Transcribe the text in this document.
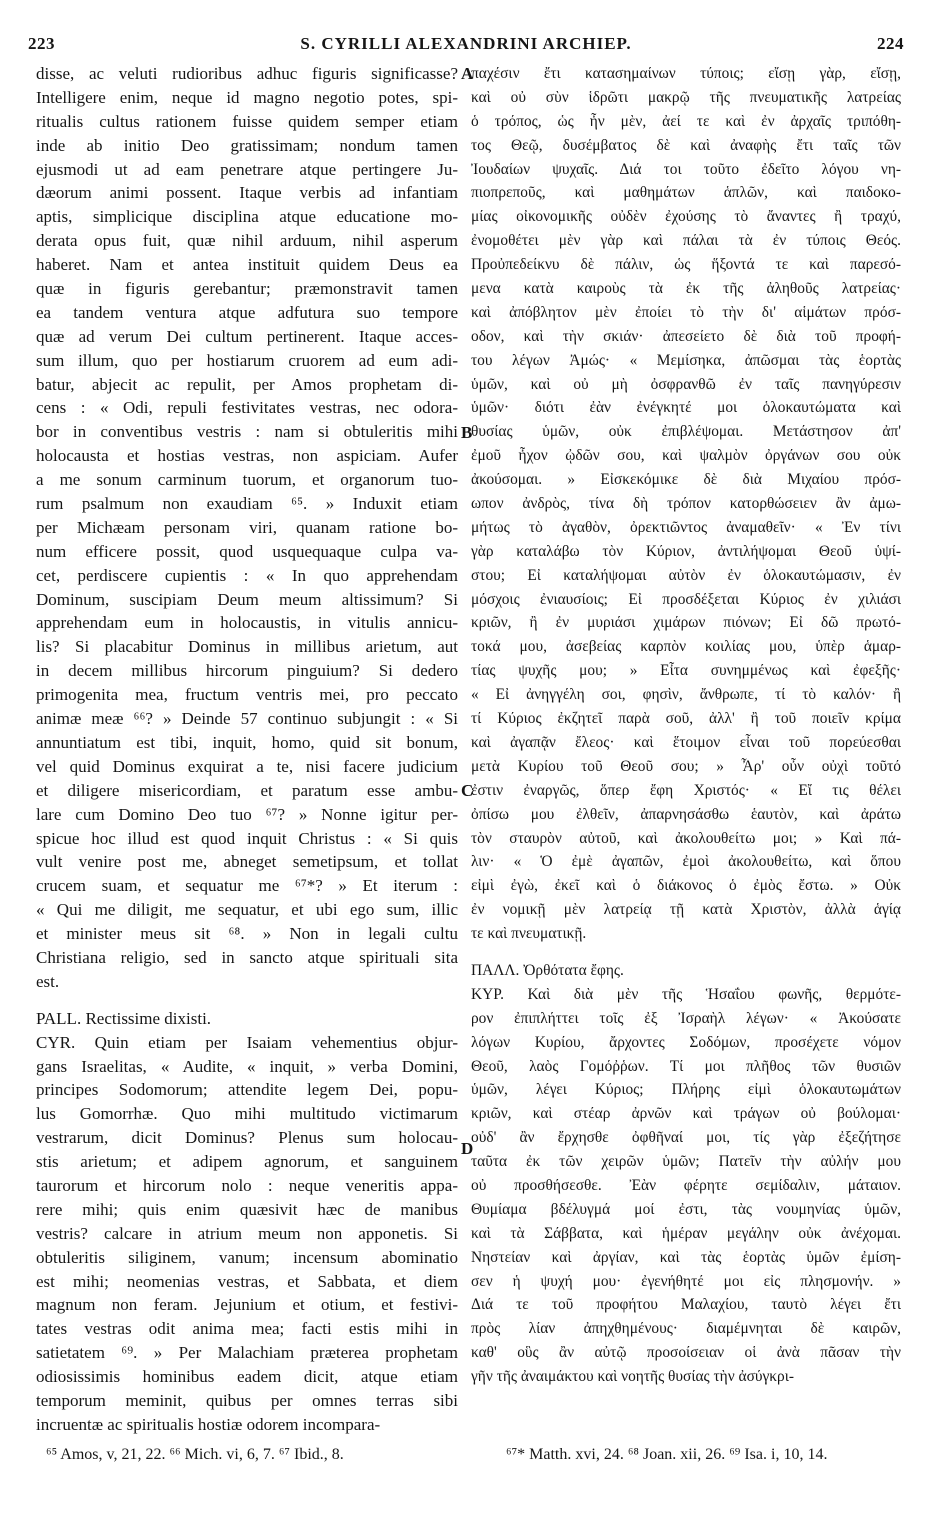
223	S. CYRILLI ALEXANDRINI ARCHIEP.	224
disse, ac veluti rudioribus adhuc figuris significasse?
Intelligere enim, neque id magno negotio potes, spi-
ritualis cultus rationem fuisse quidem semper etiam
inde ab initio Deo gratissimam; nondum tamen
ejusmodi ut ad eam penetrare atque pertingere Ju-
dæorum animi possent. Itaque verbis ad infantiam
aptis, simplicique disciplina atque educatione mo-
derata opus fuit, quæ nihil arduum, nihil asperum
haberet. Nam et antea instituit quidem Deus ea
quæ in figuris gerebantur; præmonstravit tamen
ea tandem ventura atque adfutura suo tempore
quæ ad verum Dei cultum pertinerent. Itaque acces-
sum illum, quo per hostiarum cruorem ad eum adi-
batur, abjecit ac repulit, per Amos prophetam di-
cens : « Odi, repuli festivitates vestras, nec odora-
bor in conventibus vestris : nam si obtuleritis mihi
holocausta et hostias vestras, non aspiciam. Aufer
a me sonum carminum tuorum, et organorum tuo-
rum psalmum non exaudiam ⁶⁵. » Induxit etiam
per Michæam personam viri, quanam ratione bo-
num efficere possit, quod usquequaque culpa va-
cet, perdiscere cupientis : « In quo apprehendam
Dominum, suscipiam Deum meum altissimum? Si
apprehendam eum in holocaustis, in vitulis annicu-
lis? Si placabitur Dominus in millibus arietum, aut
in decem millibus hircorum pinguium? Si dedero
primogenita mea, fructum ventris mei, pro peccato
animæ meæ ⁶⁶? » Deinde 57 continuo subjungit : « Si
annuntiatum est tibi, inquit, homo, quid sit bonum,
vel quid Dominus exquirat a te, nisi facere judicium
et diligere misericordiam, et paratum esse ambu-
lare cum Domino Deo tuo ⁶⁷? » Nonne igitur per-
spicue hoc illud est quod inquit Christus : « Si quis
vult venire post me, abneget semetipsum, et tollat
crucem suam, et sequatur me ⁶⁷*? » Et iterum :
« Qui me diligit, me sequatur, et ubi ego sum, illic
et minister meus sit ⁶⁸. » Non in legali cultu
Christiana religio, sed in sancto atque spirituali sita
est.
PALL. Rectissime dixisti.
CYR. Quin etiam per Isaiam vehementius objur-
gans Israelitas, « Audite, « inquit, » verba Domini,
principes Sodomorum; attendite legem Dei, popu-
lus Gomorrhæ. Quo mihi multitudo victimarum
vestrarum, dicit Dominus? Plenus sum holocau-
stis arietum; et adipem agnorum, et sanguinem
taurorum et hircorum nolo : neque veneritis appa-
rere mihi; quis enim quæsivit hæc de manibus
vestris? calcare in atrium meum non apponetis. Si
obtuleritis siliginem, vanum; incensum abominatio
est mihi; neomenias vestras, et Sabbata, et diem
magnum non feram. Jejunium et otium, et festivi-
tates vestras odit anima mea; facti estis mihi in
satietatem ⁶⁹. » Per Malachiam præterea prophetam
odiosissimis hominibus eadem dicit, atque etiam
temporum meminit, quibus per omnes terras sibi
incruentæ ac spiritualis hostiæ odorem incompara-
παχέσιν ἔτι κατασημαίνων τύποις; εἴσῃ γὰρ, εἴσῃ,
καὶ οὐ σὺν ἱδρῶτι μακρῷ τῆς πνευματικῆς λατρείας
ὁ τρόπος, ὡς ἦν μὲν, ἀεί τε καὶ ἐν ἀρχαῖς τριπόθη-
τος Θεῷ, δυσέμβατος δὲ καὶ ἀναφὴς ἔτι ταῖς τῶν
Ἰουδαίων ψυχαῖς. Διά τοι τοῦτο ἐδεῖτο λόγου νη-
πιοπρεποῦς, καὶ μαθημάτων ἁπλῶν, καὶ παιδοκο-
μίας οἰκονομικῆς οὐδὲν ἐχούσης τὸ ἄναντες ἢ τραχύ,
ἐνομοθέτει μὲν γὰρ καὶ πάλαι τὰ ἐν τύποις Θεός.
Προὐπεδείκνυ δὲ πάλιν, ὡς ἥξοντά τε καὶ παρεσό-
μενα κατὰ καιροὺς τὰ ἐκ τῆς ἀληθοῦς λατρείας·
καὶ ἀπόβλητον μὲν ἐποίει τὸ τὴν δι' αἱμάτων πρόσ-
οδον, καὶ τὴν σκιάν· ἀπεσείετο δὲ διὰ τοῦ προφή-
του λέγων Ἀμώς· « Μεμίσηκα, ἀπῶσμαι τὰς ἑορτὰς
ὑμῶν, καὶ οὐ μὴ ὀσφρανθῶ ἐν ταῖς πανηγύρεσιν
ὑμῶν· διότι ἐὰν ἐνέγκητέ μοι ὁλοκαυτώματα καὶ
θυσίας ὑμῶν, οὐκ ἐπιβλέψομαι. Μετάστησον ἀπ'
ἐμοῦ ἦχον ᾠδῶν σου, καὶ ψαλμὸν ὀργάνων σου οὐκ
ἀκούσομαι. » Εἰσκεκόμικε δὲ διὰ Μιχαίου πρόσ-
ωπον ἀνδρὸς, τίνα δὴ τρόπον κατορθώσειεν ἂν ἀμω-
μήτως τὸ ἀγαθὸν, ὀρεκτιῶντος ἀναμαθεῖν· « Ἐν τίνι
γὰρ καταλάβω τὸν Κύριον, ἀντιλήψομαι Θεοῦ ὑψί-
στου; Εἰ καταλήψομαι αὐτὸν ἐν ὁλοκαυτώμασιν, ἐν
μόσχοις ἐνιαυσίοις; Εἰ προσδέξεται Κύριος ἐν χιλιάσι
κριῶν, ἢ ἐν μυριάσι χιμάρων πιόνων; Εἰ δῶ πρωτό-
τοκά μου, ἀσεβείας καρπὸν κοιλίας μου, ὑπὲρ ἁμαρ-
τίας ψυχῆς μου; » Εἶτα συνημμένως καὶ ἐφεξῆς·
« Εἰ ἀνηγγέλη σοι, φησὶν, ἄνθρωπε, τί τὸ καλόν· ἢ
τί Κύριος ἐκζητεῖ παρὰ σοῦ, ἀλλ' ἢ τοῦ ποιεῖν κρίμα
καὶ ἀγαπᾷν ἔλεος· καὶ ἕτοιμον εἶναι τοῦ πορεύεσθαι
μετὰ Κυρίου τοῦ Θεοῦ σου; » Ἆρ' οὖν οὐχὶ τοῦτό
ἐστιν ἐναργῶς, ὅπερ ἔφη Χριστός· « Εἴ τις θέλει
ὀπίσω μου ἐλθεῖν, ἀπαρνησάσθω ἑαυτὸν, καὶ ἀράτω
τὸν σταυρὸν αὐτοῦ, καὶ ἀκολουθείτω μοι; » Καὶ πά-
λιν· « Ὁ ἐμὲ ἀγαπῶν, ἐμοὶ ἀκολουθείτω, καὶ ὅπου
εἰμὶ ἐγὼ, ἐκεῖ καὶ ὁ διάκονος ὁ ἐμὸς ἔστω. » Οὐκ
ἐν νομικῇ μὲν λατρείᾳ τῇ κατὰ Χριστὸν, ἀλλὰ ἁγίᾳ
τε καὶ πνευματικῇ.
ΠΑΛΛ. Ὀρθότατα ἔφης.
ΚΥΡ. Καὶ διὰ μὲν τῆς Ἡσαΐου φωνῆς, θερμότε-
ρον ἐπιπλήττει τοῖς ἐξ Ἰσραὴλ λέγων· « Ἀκούσατε
λόγων Κυρίου, ἄρχοντες Σοδόμων, προσέχετε νόμον
Θεοῦ, λαὸς Γομόῤῥων. Τί μοι πλῆθος τῶν θυσιῶν
ὑμῶν, λέγει Κύριος; Πλήρης εἰμὶ ὁλοκαυτωμάτων
κριῶν, καὶ στέαρ ἀρνῶν καὶ τράγων οὐ βούλομαι·
οὐδ' ἂν ἔρχησθε ὀφθῆναί μοι, τίς γὰρ ἐξεζήτησε
ταῦτα ἐκ τῶν χειρῶν ὑμῶν; Πατεῖν τὴν αὐλήν μου
οὐ προσθήσεσθε. Ἐὰν φέρητε σεμίδαλιν, μάταιον.
Θυμίαμα βδέλυγμά μοί ἐστι, τὰς νουμηνίας ὑμῶν,
καὶ τὰ Σάββατα, καὶ ἡμέραν μεγάλην οὐκ ἀνέχομαι.
Νηστείαν καὶ ἀργίαν, καὶ τὰς ἑορτὰς ὑμῶν ἐμίση-
σεν ἡ ψυχή μου· ἐγενήθητέ μοι εἰς πλησμονήν. »
Διά τε τοῦ προφήτου Μαλαχίου, ταυτὸ λέγει ἔτι
πρὸς λίαν ἀπηχθημένους· διαμέμνηται δὲ καιρῶν,
καθ' οὓς ἂν αὐτῷ προσοίσειαν οἱ ἀνὰ πᾶσαν τὴν
γῆν τῆς ἀναιμάκτου καὶ νοητῆς θυσίας τὴν ἀσύγκρι-
A
B
C
D
⁶⁵ Amos, v, 21, 22. ⁶⁶ Mich. vi, 6, 7. ⁶⁷ Ibid., 8.	⁶⁷* Matth. xvi, 24. ⁶⁸ Joan. xii, 26. ⁶⁹ Isa. i, 10, 14.
